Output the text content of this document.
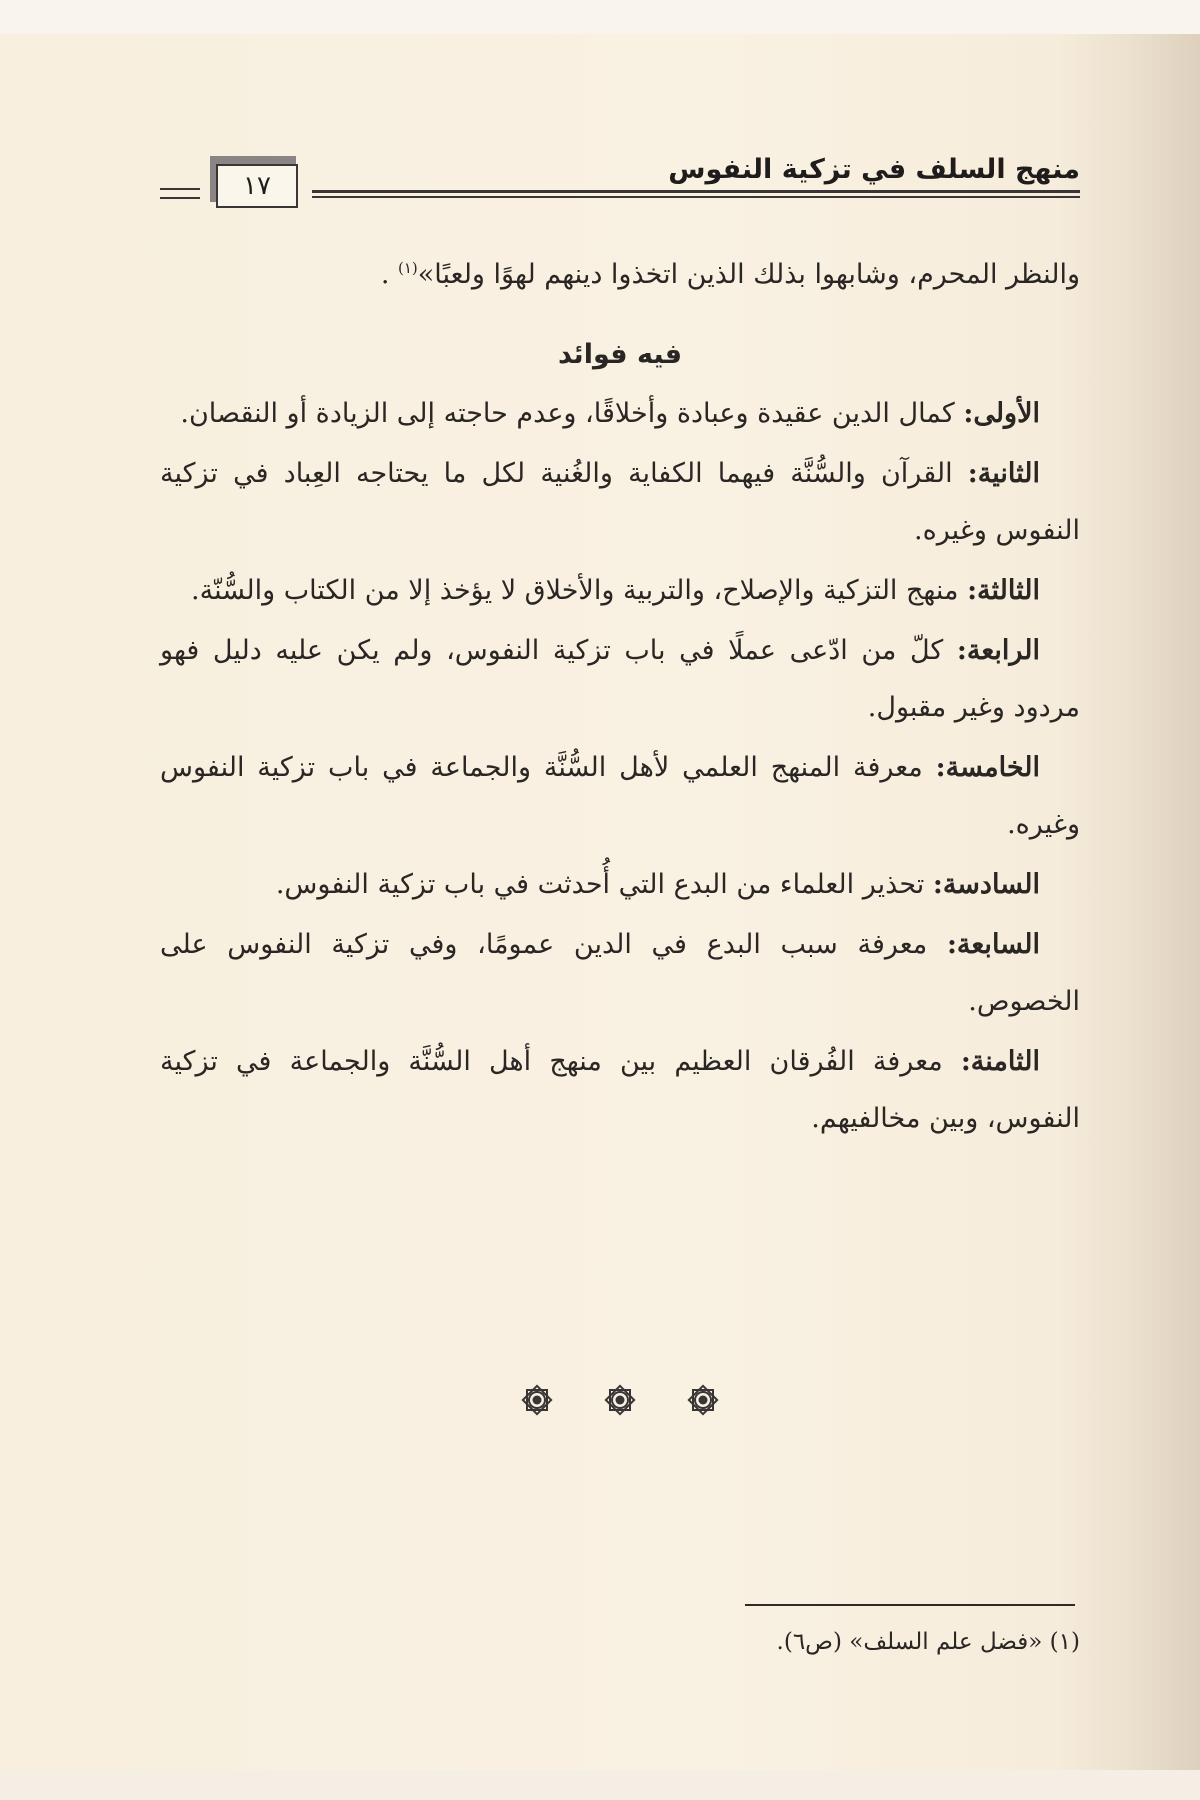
١٧
منهج السلف في تزكية النفوس

والنظر المحرم، وشابهوا بذلك الذين اتخذوا دينهم لهوًا ولعبًا»$^{(١)}$ .

فيه فوائد

الأولى: كمال الدين عقيدة وعبادة وأخلاقًا، وعدم حاجته إلى الزيادة أو النقصان.

الثانية: القرآن والسُّنَّة فيهما الكفاية والغُنية لكل ما يحتاجه العِباد في تزكية النفوس وغيره.

الثالثة: منهج التزكية والإصلاح، والتربية والأخلاق لا يؤخذ إلا من الكتاب والسُّنّة.

الرابعة: كلّ من ادّعى عملًا في باب تزكية النفوس، ولم يكن عليه دليل فهو مردود وغير مقبول.

الخامسة: معرفة المنهج العلمي لأهل السُّنَّة والجماعة في باب تزكية النفوس وغيره.

السادسة: تحذير العلماء من البدع التي أُحدثت في باب تزكية النفوس.

السابعة: معرفة سبب البدع في الدين عمومًا، وفي تزكية النفوس على الخصوص.

الثامنة: معرفة الفُرقان العظيم بين منهج أهل السُّنَّة والجماعة في تزكية النفوس، وبين مخالفيهم.

(١) «فضل علم السلف» (ص٦).
